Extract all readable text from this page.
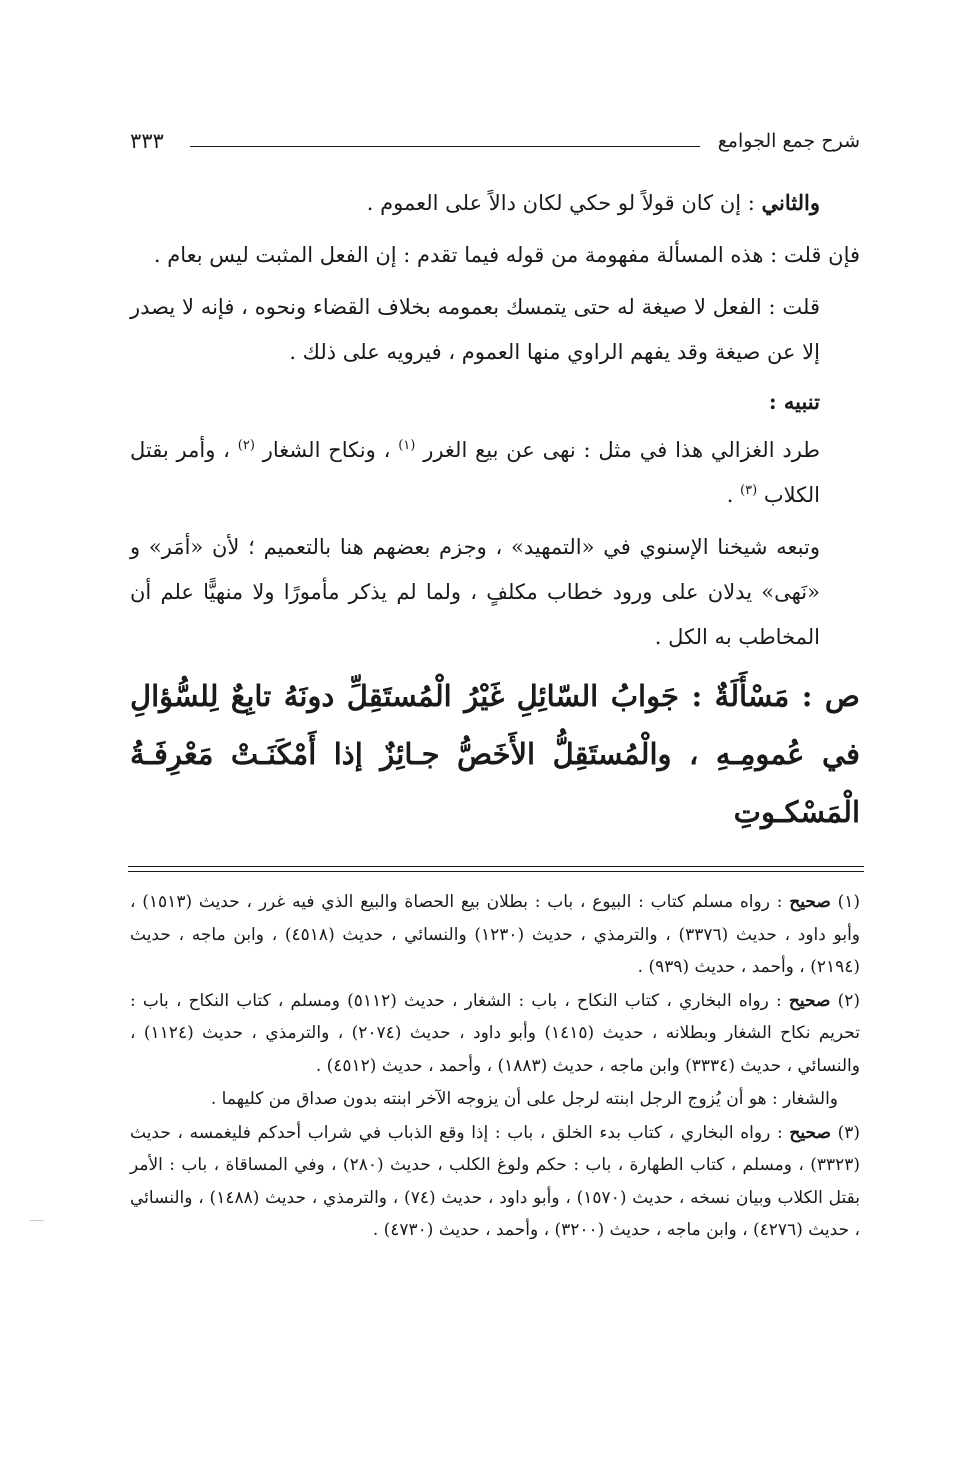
شرح جمع الجوامع
٣٣٣

والثاني : إن كان قولاً لو حكي لكان دالاً على العموم .

فإن قلت : هذه المسألة مفهومة من قوله فيما تقدم : إن الفعل المثبت ليس بعام .

قلت : الفعل لا صيغة له حتى يتمسك بعمومه بخلاف القضاء ونحوه ، فإنه لا يصدر إلا عن صيغة وقد يفهم الراوي منها العموم ، فيرويه على ذلك .

تنبيه :

طرد الغزالي هذا في مثل : نهى عن بيع الغرر $^{(١)}$ ، ونكاح الشغار $^{(٢)}$ ، وأمر بقتل الكلاب $^{(٣)}$ .

وتبعه شيخنا الإسنوي في «التمهيد» ، وجزم بعضهم هنا بالتعميم ؛ لأن «أمَر» و «نَهى» يدلان على ورود خطاب مكلفٍ ، ولما لم يذكر مأمورًا ولا منهيًّا علم أن المخاطب به الكل .

ص : مَسْأَلَةٌ : جَوابُ السّائِلِ غَيْرُ الْمُستَقِلِّ دونَهُ تابِعٌ لِلسُّؤالِ في عُمومِـهِ ، والْمُستَقِلُّ الأَخَصُّ جـائِزٌ إذا أَمْكَنَـتْ مَعْرِفَـةُ الْمَسْكـوتِ

(١) صحيح : رواه مسلم كتاب : البيوع ، باب : بطلان بيع الحصاة والبيع الذي فيه غرر ، حديث (١٥١٣) ، وأبو داود ، حديث (٣٣٧٦) ، والترمذي ، حديث (١٢٣٠) والنسائي ، حديث (٤٥١٨) ، وابن ماجه ، حديث (٢١٩٤) ، وأحمد ، حديث (٩٣٩) .

(٢) صحيح : رواه البخاري ، كتاب النكاح ، باب : الشغار ، حديث (٥١١٢) ومسلم ، كتاب النكاح ، باب : تحريم نكاح الشغار وبطلانه ، حديث (١٤١٥) وأبو داود ، حديث (٢٠٧٤) ، والترمذي ، حديث (١١٢٤) ، والنسائي ، حديث (٣٣٣٤) وابن ماجه ، حديث (١٨٨٣) ، وأحمد ، حديث (٤٥١٢) .

والشغار : هو أن يُزوج الرجل ابنته لرجل على أن يزوجه الآخر ابنته بدون صداق من كليهما .

(٣) صحيح : رواه البخاري ، كتاب بدء الخلق ، باب : إذا وقع الذباب في شراب أحدكم فليغمسه ، حديث (٣٣٢٣) ، ومسلم ، كتاب الطهارة ، باب : حكم ولوغ الكلب ، حديث (٢٨٠) ، وفي المساقاة ، باب : الأمر بقتل الكلاب وبيان نسخه ، حديث (١٥٧٠) ، وأبو داود ، حديث (٧٤) ، والترمذي ، حديث (١٤٨٨) ، والنسائي ، حديث (٤٢٧٦) ، وابن ماجه ، حديث (٣٢٠٠) ، وأحمد ، حديث (٤٧٣٠) .
